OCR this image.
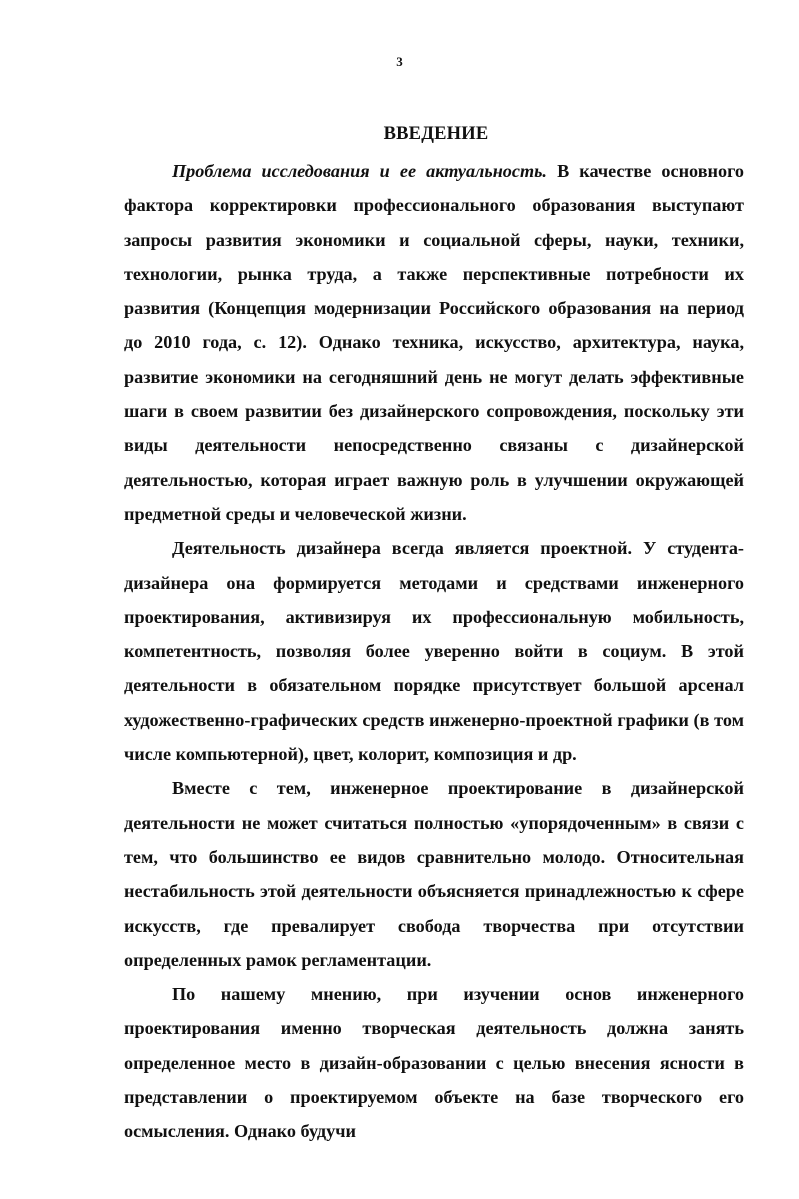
3
ВВЕДЕНИЕ

Проблема исследования и ее актуальность. В качестве основного фактора корректировки профессионального образования выступают запросы развития экономики и социальной сферы, науки, техники, технологии, рынка труда, а также перспективные потребности их развития (Концепция модернизации Российского образования на период до 2010 года, с. 12). Однако техника, искусство, архитектура, наука, развитие экономики на сегодняшний день не могут делать эффективные шаги в своем развитии без дизайнерского сопровождения, поскольку эти виды деятельности непосредственно связаны с дизайнерской деятельностью, которая играет важную роль в улучшении окружающей предметной среды и человеческой жизни.

Деятельность дизайнера всегда является проектной. У студента-дизайнера она формируется методами и средствами инженерного проектирования, активизируя их профессиональную мобильность, компетентность, позволяя более уверенно войти в социум. В этой деятельности в обязательном порядке присутствует большой арсенал художественно-графических средств инженерно-проектной графики (в том числе компьютерной), цвет, колорит, композиция и др.

Вместе с тем, инженерное проектирование в дизайнерской деятельности не может считаться полностью «упорядоченным» в связи с тем, что большинство ее видов сравнительно молодо. Относительная нестабильность этой деятельности объясняется принадлежностью к сфере искусств, где превалирует свобода творчества при отсутствии определенных рамок регламентации.

По нашему мнению, при изучении основ инженерного проектирования именно творческая деятельность должна занять определенное место в дизайн-образовании с целью внесения ясности в представлении о проектируемом объекте на базе творческого его осмысления. Однако будучи
